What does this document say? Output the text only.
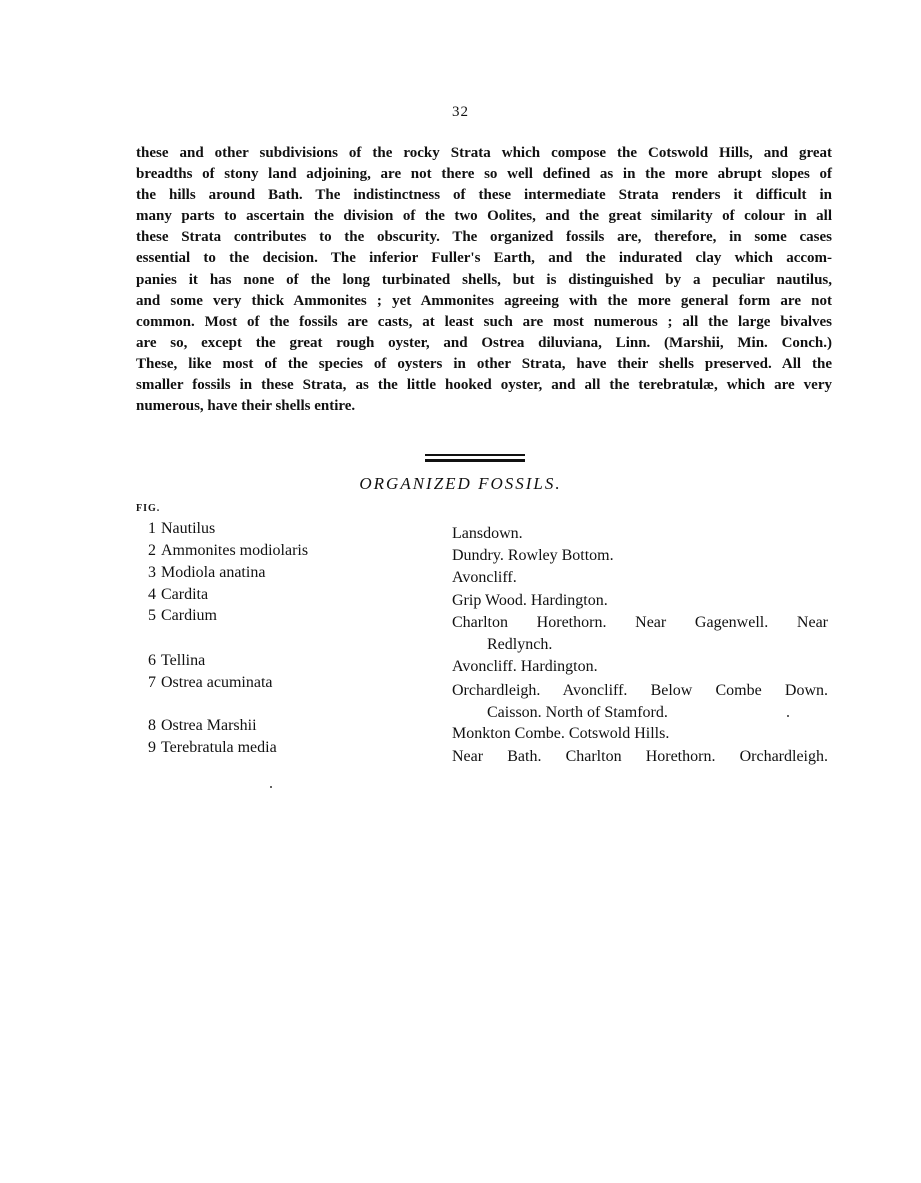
32
these and other subdivisions of the rocky Strata which compose the Cotswold Hills, and great
breadths of stony land adjoining, are not there so well defined as in the more abrupt slopes of
the hills around Bath. The indistinctness of these intermediate Strata renders it difficult in
many parts to ascertain the division of the two Oolites, and the great similarity of colour in all
these Strata contributes to the obscurity. The organized fossils are, therefore, in some cases
essential to the decision. The inferior Fuller's Earth, and the indurated clay which accom-
panies it has none of the long turbinated shells, but is distinguished by a peculiar nautilus,
and some very thick Ammonites ; yet Ammonites agreeing with the more general form are not
common. Most of the fossils are casts, at least such are most numerous ; all the large bivalves
are so, except the great rough oyster, and Ostrea diluviana, Linn. (Marshii, Min. Conch.)
These, like most of the species of oysters in other Strata, have their shells preserved. All the
smaller fossils in these Strata, as the little hooked oyster, and all the terebratulæ, which are very
numerous, have their shells entire.
ORGANIZED FOSSILS.
FIG.
1 Nautilus
2 Ammonites modiolaris
3 Modiola anatina
4 Cardita
5 Cardium
6 Tellina
7 Ostrea acuminata
8 Ostrea Marshii
9 Terebratula media
Lansdown.
Dundry. Rowley Bottom.
Avoncliff.
Grip Wood. Hardington.
Charlton Horethorn. Near Gagenwell. Near
Redlynch.
Avoncliff. Hardington.
Orchardleigh. Avoncliff. Below Combe Down.
Caisson. North of Stamford.
Monkton Combe. Cotswold Hills.
Near Bath. Charlton Horethorn. Orchardleigh.
